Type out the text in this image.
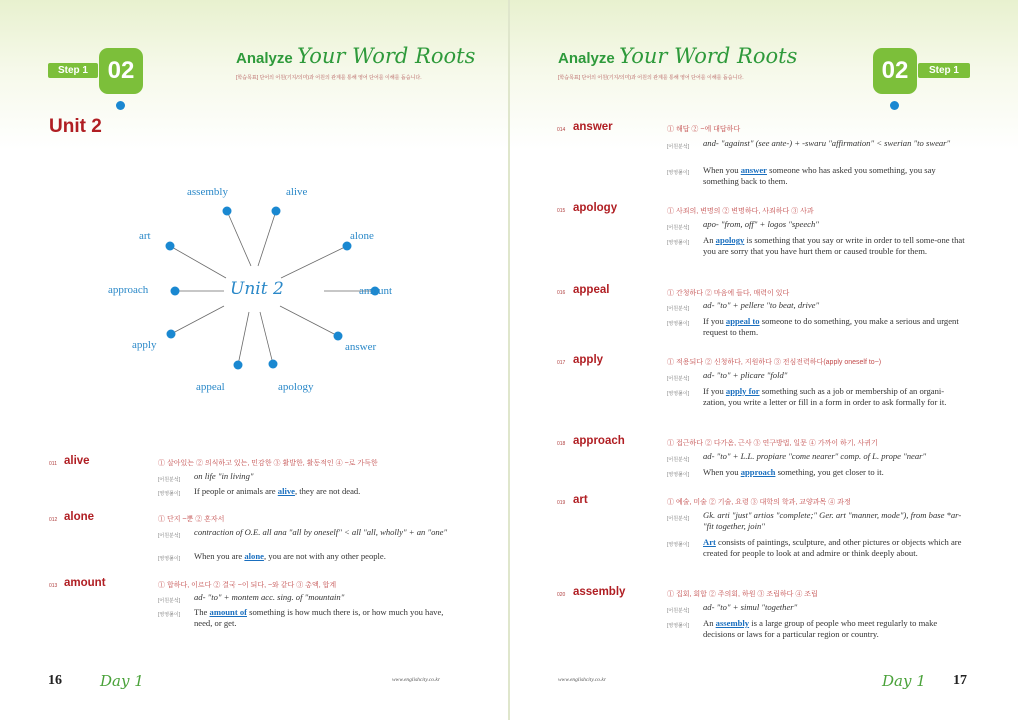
Step 1 02	Analyze Your Word Roots
[학습목표] 단어의 어원(기지/의미)과 어원의 관계를 통해 영어 단어를 이해를 돕습니다.
Unit 2
Unit 2
assembly	alive
alone
amount
answer
apology
appeal
apply
approach
art
011 alive	① 살아있는 ② 의식하고 있는, 민감한 ③ 활발한, 활동적인 ④ ~로 가득한
[어원분석] on life "in living"
[영영풀이] If people or animals are alive, they are not dead.
012 alone	① 단지 ~뿐 ② 혼자서
[어원분석] contraction of O.E. all ana "all by oneself" < all "all, wholly" + an "one"
[영영풀이] When you are alone, you are not with any other people.
013 amount	① 합하다, 이르다 ② 결국 ~이 되다, ~와 같다 ③ 총액, 합계
[어원분석] ad- "to" + montem acc. sing. of "mountain"
[영영풀이] The amount of something is how much there is, or how much you have, need, or get.
16	Day 1	www.englishcity.co.kr
Analyze Your Word Roots
[학습목표] 단어의 어원(기지/의미)과 어원의 관계를 통해 영어 단어를 이해를 돕습니다.	02	Step 1
014 answer	① 해답 ② ~에 대답하다
[어원분석] and- "against" (see ante-) + -swaru "affirmation" < swerian "to swear"
[영영풀이] When you answer someone who has asked you something, you say something back to them.
015 apology	① 사죄의, 변명의 ② 변명하다, 사죄하다 ③ 사과
[어원분석] apo- "from, off" + logos "speech"
[영영풀이] An apology is something that you say or write in order to tell some-one that you are sorry that you have hurt them or caused trouble for them.
016 appeal	① 간청하다 ② 마음에 들다, 매력이 있다
[어원분석] ad- "to" + pellere "to beat, drive"
[영영풀이] If you appeal to someone to do something, you make a serious and urgent request to them.
017 apply	① 적용되다 ② 신청하다, 지원하다 ③ 전심전력하다(apply oneself to~)
[어원분석] ad- "to" + plicare "fold"
[영영풀이] If you apply for something such as a job or membership of an organi-zation, you write a letter or fill in a form in order to ask formally for it.
018 approach	① 접근하다 ② 다가옴, 근사 ③ 연구방법, 일문 ④ 가까이 하기, 사귀기
[어원분석] ad- "to" + L.L. propiare "come nearer" comp. of L. prope "near"
[영영풀이] When you approach something, you get closer to it.
019 art	① 예술, 미술 ② 기술, 요령 ③ 대학의 학과, 교양과목 ④ 과정
[어원분석] Gk. arti "just" artios "complete;" Ger. art "manner, mode"), from base *ar- "fit together, join"
[영영풀이] Art consists of paintings, sculpture, and other pictures or objects which are created for people to look at and admire or think deeply about.
020 assembly	① 집회, 회합 ② 주의회, 하원 ③ 조립하다 ④ 조립
[어원분석] ad- "to" + simul "together"
[영영풀이] An assembly is a large group of people who meet regularly to make decisions or laws for a particular region or country.
www.englishcity.co.kr	Day 1 17
